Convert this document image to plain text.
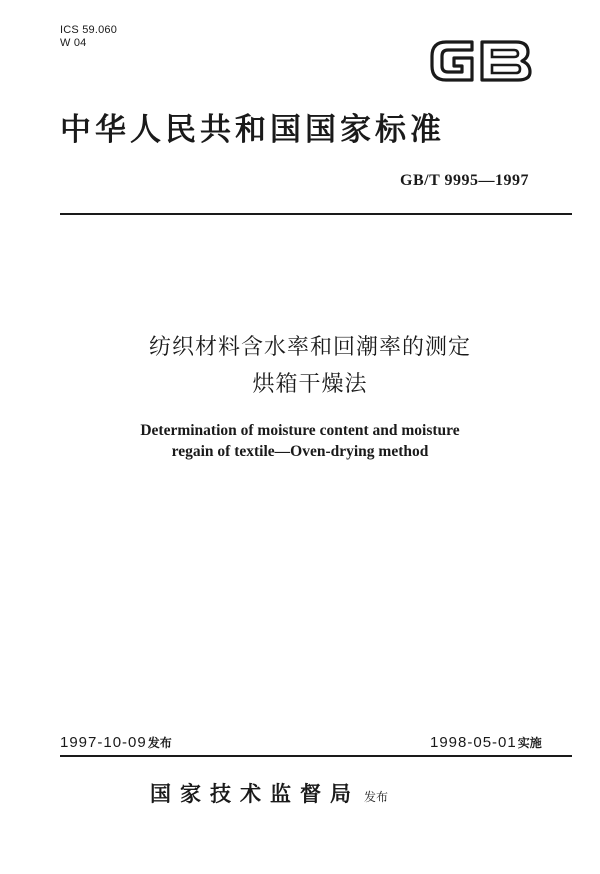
ICS 59.060
W 04
中华人民共和国国家标准
GB/T 9995—1997
纺织材料含水率和回潮率的测定
烘箱干燥法
Determination of moisture content and moisture
regain of textile—Oven-drying method
1997-10-09发布	1998-05-01实施
国家技术监督局 发布
